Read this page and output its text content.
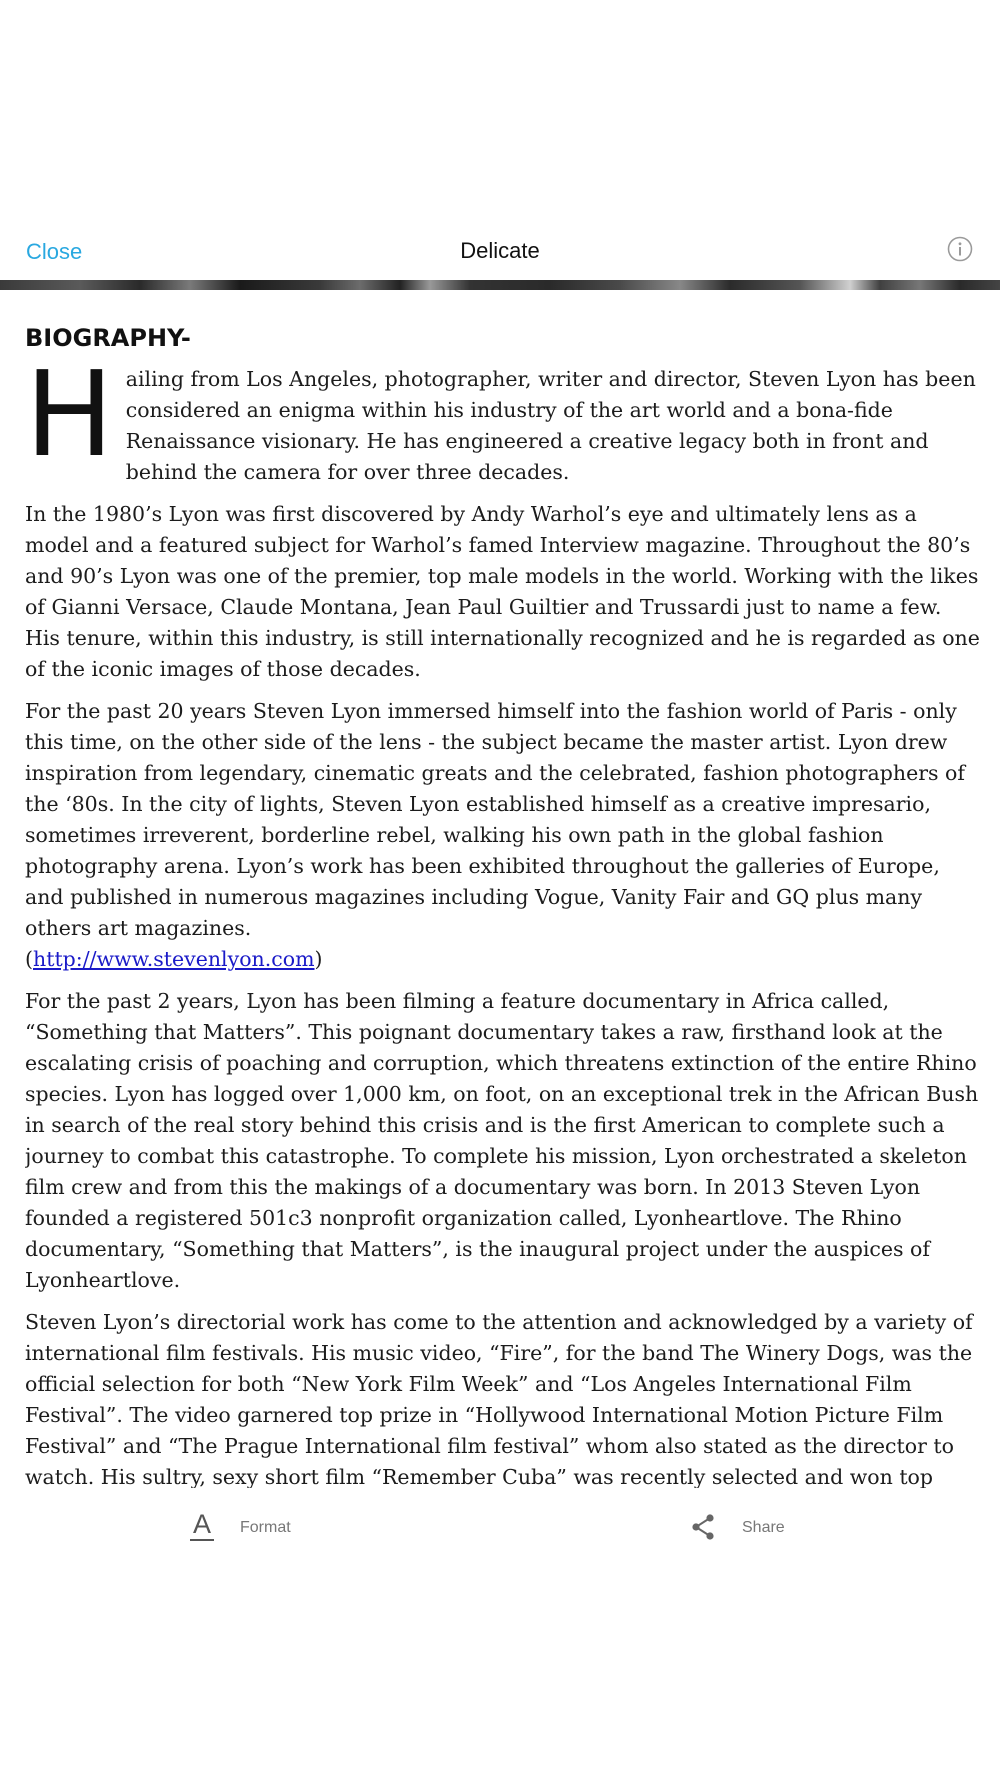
Close	Delicate
BIOGRAPHY-

Hailing from Los Angeles, photographer, writer and director, Steven Lyon has been considered an enigma within his industry of the art world and a bona-fide Renaissance visionary. He has engineered a creative legacy both in front and behind the camera for over three decades.

In the 1980’s Lyon was first discovered by Andy Warhol’s eye and ultimately lens as a model and a featured subject for Warhol’s famed Interview magazine. Throughout the 80’s and 90’s Lyon was one of the premier, top male models in the world. Working with the likes of Gianni Versace, Claude Montana, Jean Paul Guiltier and Trussardi just to name a few. His tenure, within this industry, is still internationally recognized and he is regarded as one of the iconic images of those decades.

For the past 20 years Steven Lyon immersed himself into the fashion world of Paris - only this time, on the other side of the lens - the subject became the master artist. Lyon drew inspiration from legendary, cinematic greats and the celebrated, fashion photographers of the ‘80s. In the city of lights, Steven Lyon established himself as a creative impresario, sometimes irreverent, borderline rebel, walking his own path in the global fashion photography arena. Lyon’s work has been exhibited throughout the galleries of Europe, and published in numerous magazines including Vogue, Vanity Fair and GQ plus many others art magazines.
(http://www.stevenlyon.com)

For the past 2 years, Lyon has been filming a feature documentary in Africa called, “Something that Matters”. This poignant documentary takes a raw, firsthand look at the escalating crisis of poaching and corruption, which threatens extinction of the entire Rhino species. Lyon has logged over 1,000 km, on foot, on an exceptional trek in the African Bush in search of the real story behind this crisis and is the first American to complete such a journey to combat this catastrophe. To complete his mission, Lyon orchestrated a skeleton film crew and from this the makings of a documentary was born. In 2013 Steven Lyon founded a registered 501c3 nonprofit organization called, Lyonheartlove. The Rhino documentary, “Something that Matters”, is the inaugural project under the auspices of Lyonheartlove.

Steven Lyon’s directorial work has come to the attention and acknowledged by a variety of international film festivals. His music video, “Fire”, for the band The Winery Dogs, was the official selection for both “New York Film Week” and “Los Angeles International Film Festival”. The video garnered top prize in “Hollywood International Motion Picture Film Festival” and “The Prague International film festival” whom also stated as the director to watch. His sultry, sexy short film “Remember Cuba” was recently selected and won top

A	Format	Share
